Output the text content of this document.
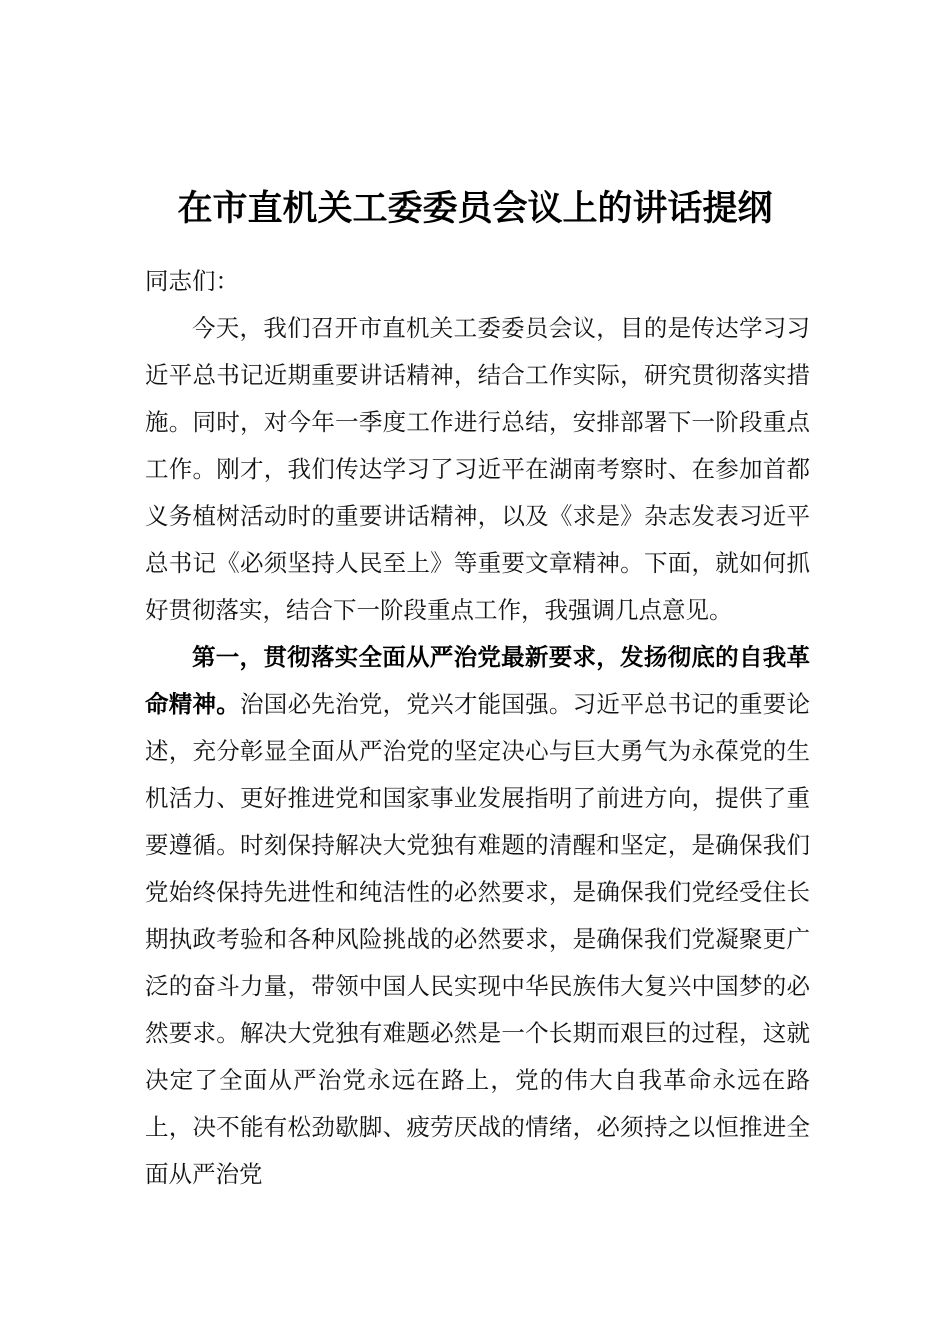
在市直机关工委委员会议上的讲话提纲

同志们：

今天，我们召开市直机关工委委员会议，目的是传达学习习近平总书记近期重要讲话精神，结合工作实际，研究贯彻落实措施。同时，对今年一季度工作进行总结，安排部署下一阶段重点工作。刚才，我们传达学习了习近平在湖南考察时、在参加首都义务植树活动时的重要讲话精神，以及《求是》杂志发表习近平总书记《必须坚持人民至上》等重要文章精神。下面，就如何抓好贯彻落实，结合下一阶段重点工作，我强调几点意见。

第一，贯彻落实全面从严治党最新要求，发扬彻底的自我革命精神。治国必先治党，党兴才能国强。习近平总书记的重要论述，充分彰显全面从严治党的坚定决心与巨大勇气为永葆党的生机活力、更好推进党和国家事业发展指明了前进方向，提供了重要遵循。时刻保持解决大党独有难题的清醒和坚定，是确保我们党始终保持先进性和纯洁性的必然要求，是确保我们党经受住长期执政考验和各种风险挑战的必然要求，是确保我们党凝聚更广泛的奋斗力量，带领中国人民实现中华民族伟大复兴中国梦的必然要求。解决大党独有难题必然是一个长期而艰巨的过程，这就决定了全面从严治党永远在路上，党的伟大自我革命永远在路上，决不能有松劲歇脚、疲劳厌战的情绪，必须持之以恒推进全面从严治党
